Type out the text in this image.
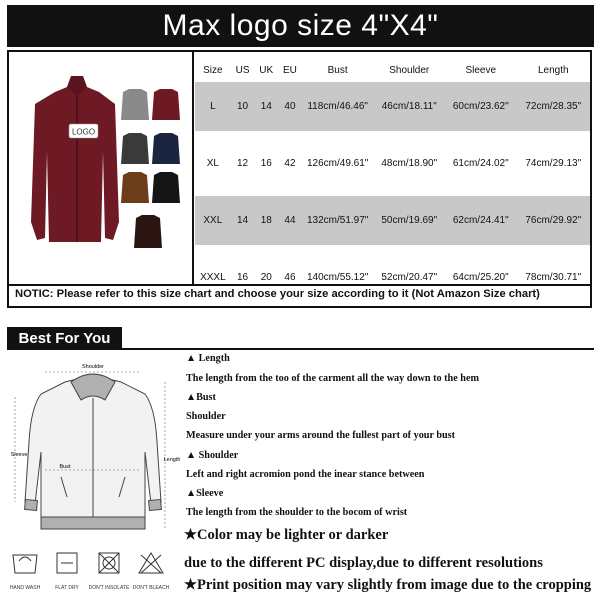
Max logo size 4"X4"
LOGO
Size	US	UK	EU	Bust	Shoulder	Sleeve	Length
L	10	14	40	118cm/46.46"	46cm/18.11"	60cm/23.62"	72cm/28.35"

XL	12	16	42	126cm/49.61"	48cm/18.90"	61cm/24.02"	74cm/29.13"

XXL	14	18	44	132cm/51.97"	50cm/19.69"	62cm/24.41"	76cm/29.92"

XXXL	16	20	46	140cm/55.12"	52cm/20.47"	64cm/25.20"	78cm/30.71"
NOTIC: Please refer to this size chart and choose your size according to it (Not Amazon Size chart)
Best For You
Shoulder
Bust
Sleeve
Length
HAND WASH	FLAT DRY DON'T INSOLATE DON'T BLEACH
▲ Length
The length from the too of the carment all the way down to the hem
▲Bust
Shoulder
Measure under your arms around the fullest part of your bust
▲ Shoulder
Left and right acromion pond the inear stance between
▲Sleeve
The length from the shoulder to the bocom of wrist
★Color may be lighter or darker
due to the different PC display,due to different resolutions
★Print position may vary slightly from image due to the cropping
